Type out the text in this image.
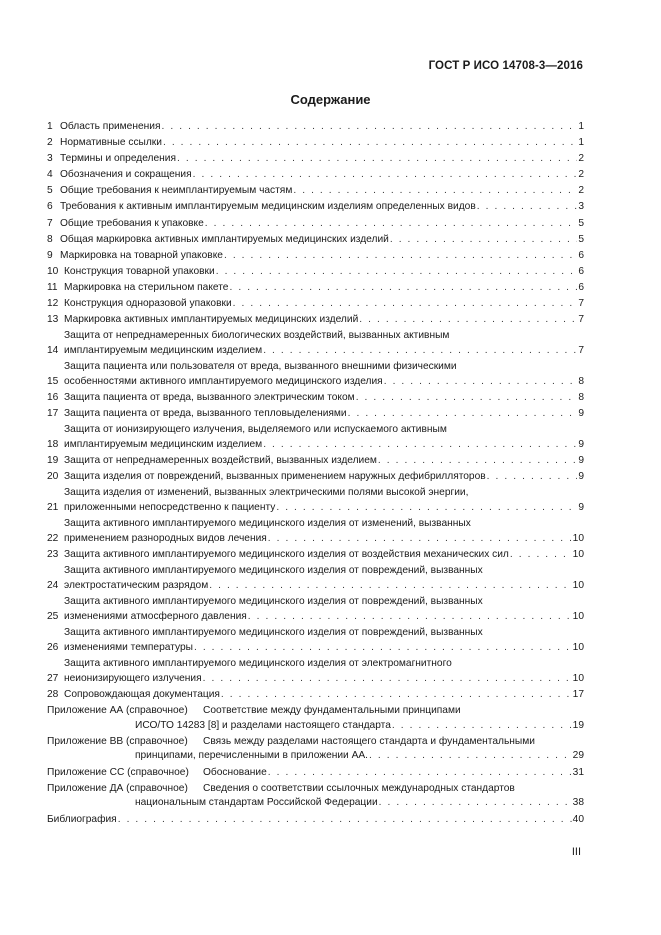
ГОСТ Р ИСО 14708-3—2016
Содержание
1 Область применения . . .	1
2 Нормативные ссылки . . .	1
3 Термины и определения . . .	2
4 Обозначения и сокращения . . .	2
5 Общие требования к неимплантируемым частям . . .	2
6 Требования к активным имплантируемым медицинским изделиям определенных видов . . .	3
7 Общие требования к упаковке . . .	5
8 Общая маркировка активных имплантируемых медицинских изделий . . .	5
9 Маркировка на товарной упаковке . . .	6
10 Конструкция товарной упаковки . . .	6
11 Маркировка на стерильном пакете . . .	6
12 Конструкция одноразовой упаковки . . .	7
13 Маркировка активных имплантируемых медицинских изделий . . .	7
14
Защита от непреднамеренных биологических воздействий, вызванных активным
имплантируемым медицинским изделием . . .	7
15
Защита пациента или пользователя от вреда, вызванного внешними физическими
особенностями активного имплантируемого медицинского изделия . . .	8
16 Защита пациента от вреда, вызванного электрическим током . . .	8
17 Защита пациента от вреда, вызванного тепловыделениями . . .	9
18
Защита от ионизирующего излучения, выделяемого или испускаемого активным
имплантируемым медицинским изделием . . .	9
19 Защита от непреднамеренных воздействий, вызванных изделием . . .	9
20 Защита изделия от повреждений, вызванных применением наружных дефибрилляторов . . .	9
21
Защита изделия от изменений, вызванных электрическими полями высокой энергии,
приложенными непосредственно к пациенту . . .	9
22
Защита активного имплантируемого медицинского изделия от изменений, вызванных
применением разнородных видов лечения . . .	10
23 Защита активного имплантируемого медицинского изделия от воздействия механических сил . . .	10
24
Защита активного имплантируемого медицинского изделия от повреждений, вызванных
электростатическим разрядом . . .	10
25
Защита активного имплантируемого медицинского изделия от повреждений, вызванных
изменениями атмосферного давления . . .	10
26
Защита активного имплантируемого медицинского изделия от повреждений, вызванных
изменениями температуры . . .	10
27
Защита активного имплантируемого медицинского изделия от электромагнитного
неионизирующего излучения . . .	10
28 Сопровождающая документация . . .	17
Приложение АА (справочное)	Соответствие между фундаментальными принципами
ИСО/ТО 14283 [8] и разделами настоящего стандарта . . .	19
Приложение ВВ (справочное)	Связь между разделами настоящего стандарта и фундаментальными
принципами, перечисленными в приложении АА. . . .	29
Приложение СС (справочное)	Обоснование . . .	31
Приложение ДА (справочное)	Сведения о соответствии ссылочных международных стандартов
национальным стандартам Российской Федерации . . .	38
Библиография . . .	40
III
